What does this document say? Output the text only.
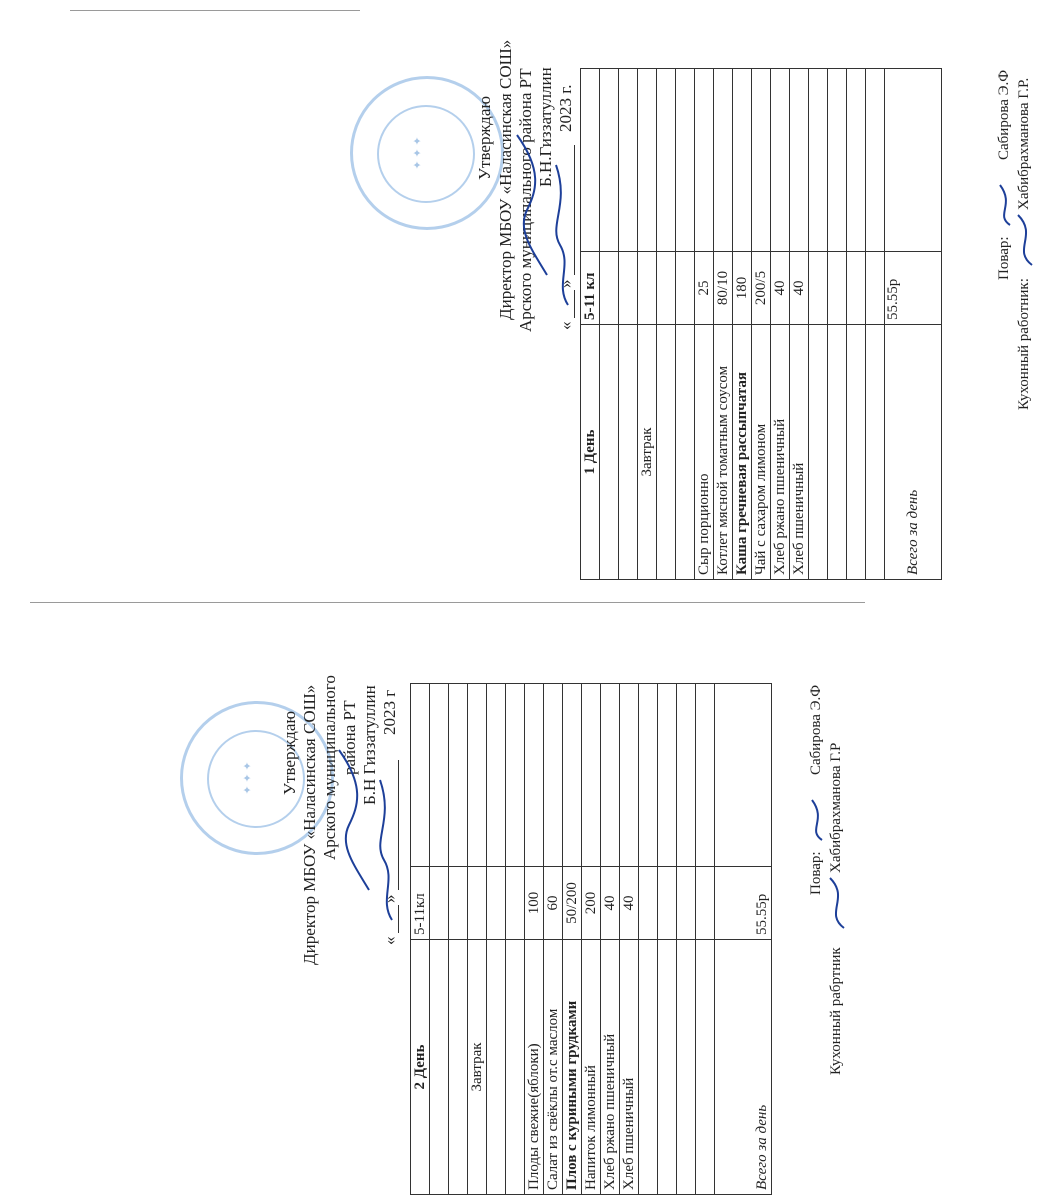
✦ ✦ ✦	Утверждаю Директор МБОУ «Наласинская СОШ» Арского муниципального района РТ Б.Н.Гиззатуллин
«
»
2023 г.
1 День	5-11 кл	

Завтрак		

Сыр порционно	25	
Котлет мясной томатным соусом	80/10	
Каша гречневая рассыпчатая	180	
Чай с сахаром лимоном	200/5	
Хлеб ржано пшеничный	40	
Хлеб пшеничный	40	

Всего за день	55.55р	
Повар:
Сабирова Э.Ф
Кухонный работник:
Хабибрахманова Г.Р.
✦ ✦ ✦ Утверждаю Директор МБОУ «Наласинская СОШ» Арского муниципального района РТ Б.Н Гиззатуллин
«
»
2023 г
2 День	5-11кл	

Завтрак		

Плоды свежие(яблоки)	100	
Салат из свёклы от.с маслом	60	
Плов с куриными грудками	50/200	
Напиток лимонный	200	
Хлеб ржано пшеничный	40	
Хлеб пшеничный	40	

Всего за день	55.55р	
Повар:
Сабирова Э.Ф
Кухонный рабртник
Хабибрахманова Г.Р
